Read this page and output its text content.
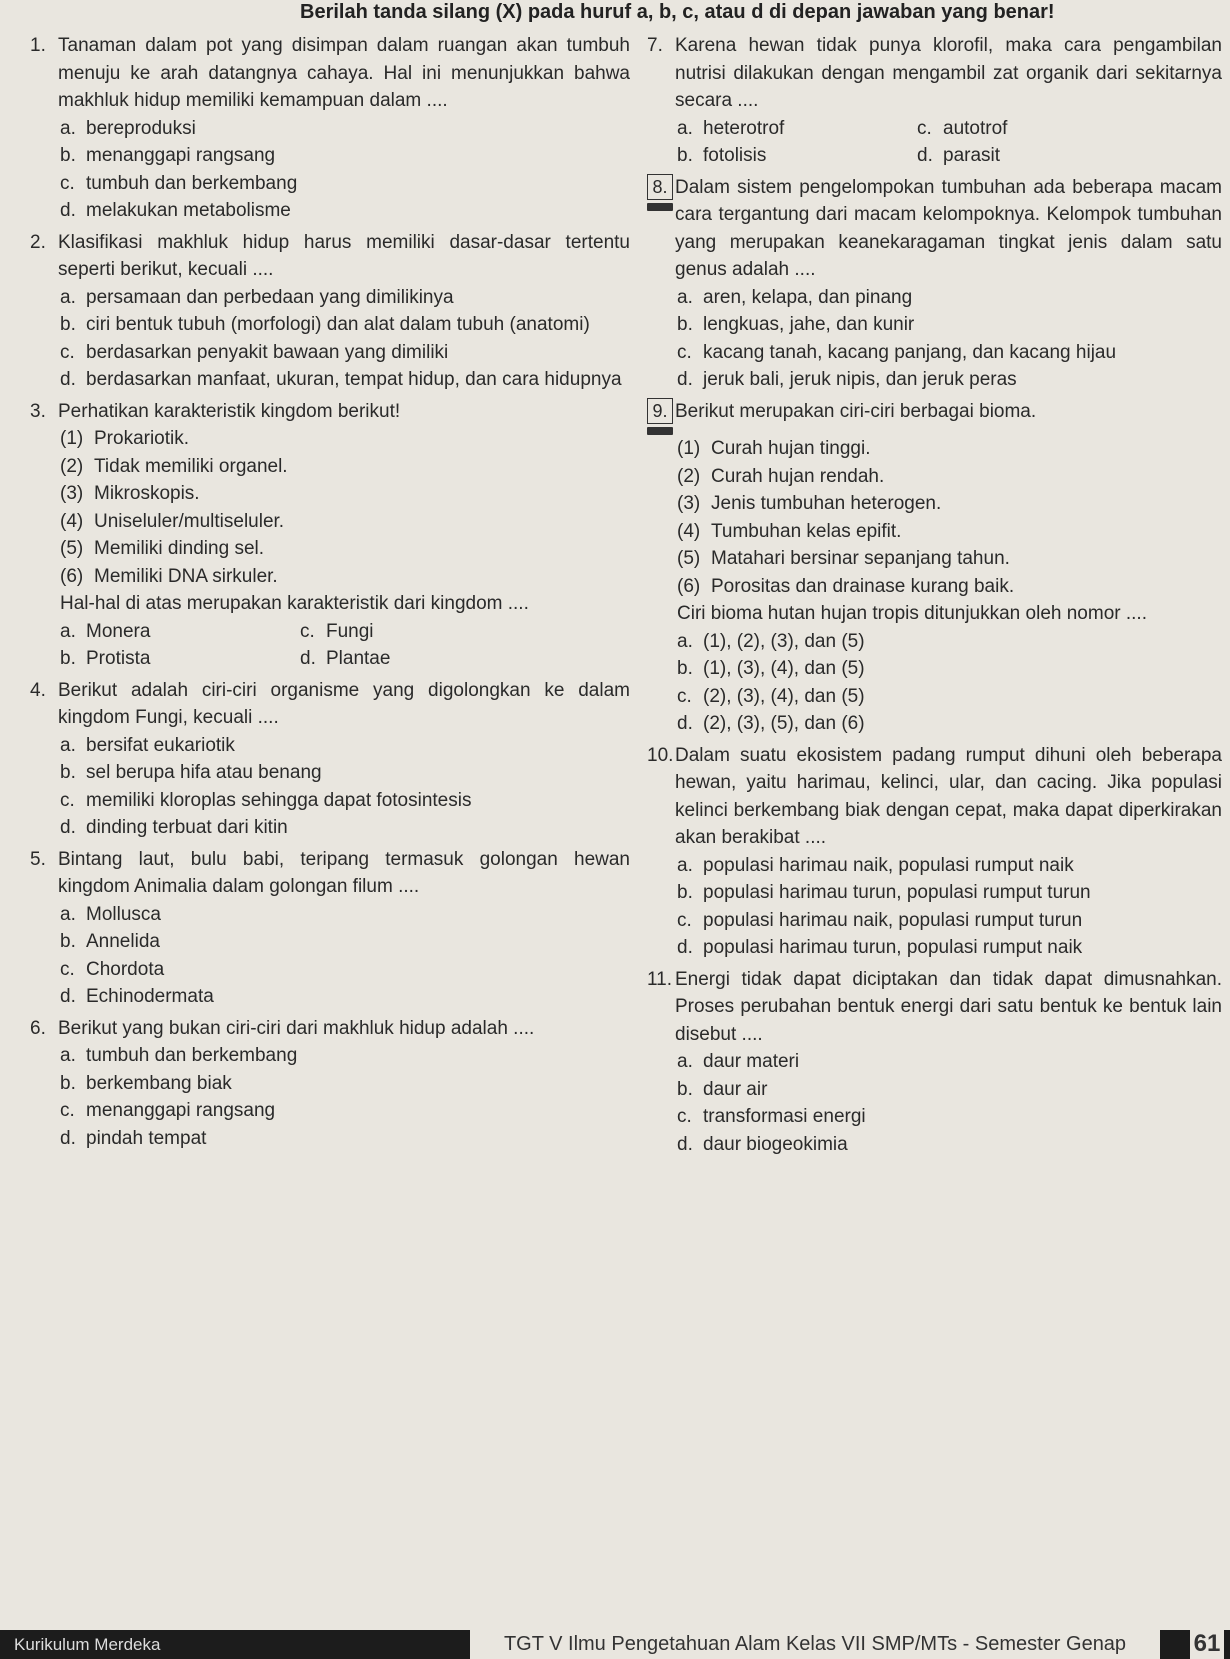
Berilah tanda silang (X) pada huruf a, b, c, atau d di depan jawaban yang benar!
1. Tanaman dalam pot yang disimpan dalam ruangan akan tumbuh menuju ke arah datangnya cahaya. Hal ini menunjukkan bahwa makhluk hidup memiliki kemampuan dalam ....
a. bereproduksi
b. menanggapi rangsang
c. tumbuh dan berkembang
d. melakukan metabolisme
2. Klasifikasi makhluk hidup harus memiliki dasar-dasar tertentu seperti berikut, kecuali ....
a. persamaan dan perbedaan yang dimilikinya
b. ciri bentuk tubuh (morfologi) dan alat dalam tubuh (anatomi)
c. berdasarkan penyakit bawaan yang dimiliki
d. berdasarkan manfaat, ukuran, tempat hidup, dan cara hidupnya
3. Perhatikan karakteristik kingdom berikut!
(1) Prokariotik.
(2) Tidak memiliki organel.
(3) Mikroskopis.
(4) Uniseluler/multiseluler.
(5) Memiliki dinding sel.
(6) Memiliki DNA sirkuler.
Hal-hal di atas merupakan karakteristik dari kingdom ....
a. Monera	c. Fungi
b. Protista	d. Plantae
4. Berikut adalah ciri-ciri organisme yang digolongkan ke dalam kingdom Fungi, kecuali ....
a. bersifat eukariotik
b. sel berupa hifa atau benang
c. memiliki kloroplas sehingga dapat fotosintesis
d. dinding terbuat dari kitin
5. Bintang laut, bulu babi, teripang termasuk golongan hewan kingdom Animalia dalam golongan filum ....
a. Mollusca
b. Annelida
c. Chordota
d. Echinodermata
6. Berikut yang bukan ciri-ciri dari makhluk hidup adalah ....
a. tumbuh dan berkembang
b. berkembang biak
c. menanggapi rangsang
d. pindah tempat
7. Karena hewan tidak punya klorofil, maka cara pengambilan nutrisi dilakukan dengan mengambil zat organik dari sekitarnya secara ....
a. heterotrof	c. autotrof
b. fotolisis	d. parasit
8. Dalam sistem pengelompokan tumbuhan ada beberapa macam cara tergantung dari macam kelompoknya. Kelompok tumbuhan yang merupakan keanekaragaman tingkat jenis dalam satu genus adalah ....
a. aren, kelapa, dan pinang
b. lengkuas, jahe, dan kunir
c. kacang tanah, kacang panjang, dan kacang hijau
d. jeruk bali, jeruk nipis, dan jeruk peras
9. Berikut merupakan ciri-ciri berbagai bioma.
(1) Curah hujan tinggi.
(2) Curah hujan rendah.
(3) Jenis tumbuhan heterogen.
(4) Tumbuhan kelas epifit.
(5) Matahari bersinar sepanjang tahun.
(6) Porositas dan drainase kurang baik.
Ciri bioma hutan hujan tropis ditunjukkan oleh nomor ....
a. (1), (2), (3), dan (5)
b. (1), (3), (4), dan (5)
c. (2), (3), (4), dan (5)
d. (2), (3), (5), dan (6)
10. Dalam suatu ekosistem padang rumput dihuni oleh beberapa hewan, yaitu harimau, kelinci, ular, dan cacing. Jika populasi kelinci berkembang biak dengan cepat, maka dapat diperkirakan akan berakibat ....
a. populasi harimau naik, populasi rumput naik
b. populasi harimau turun, populasi rumput turun
c. populasi harimau naik, populasi rumput turun
d. populasi harimau turun, populasi rumput naik
11. Energi tidak dapat diciptakan dan tidak dapat dimusnahkan. Proses perubahan bentuk energi dari satu bentuk ke bentuk lain disebut ....
a. daur materi
b. daur air
c. transformasi energi
d. daur biogeokimia
TGT V Ilmu Pengetahuan Alam Kelas VII SMP/MTs - Semester Genap
Kurikulum Merdeka	61
